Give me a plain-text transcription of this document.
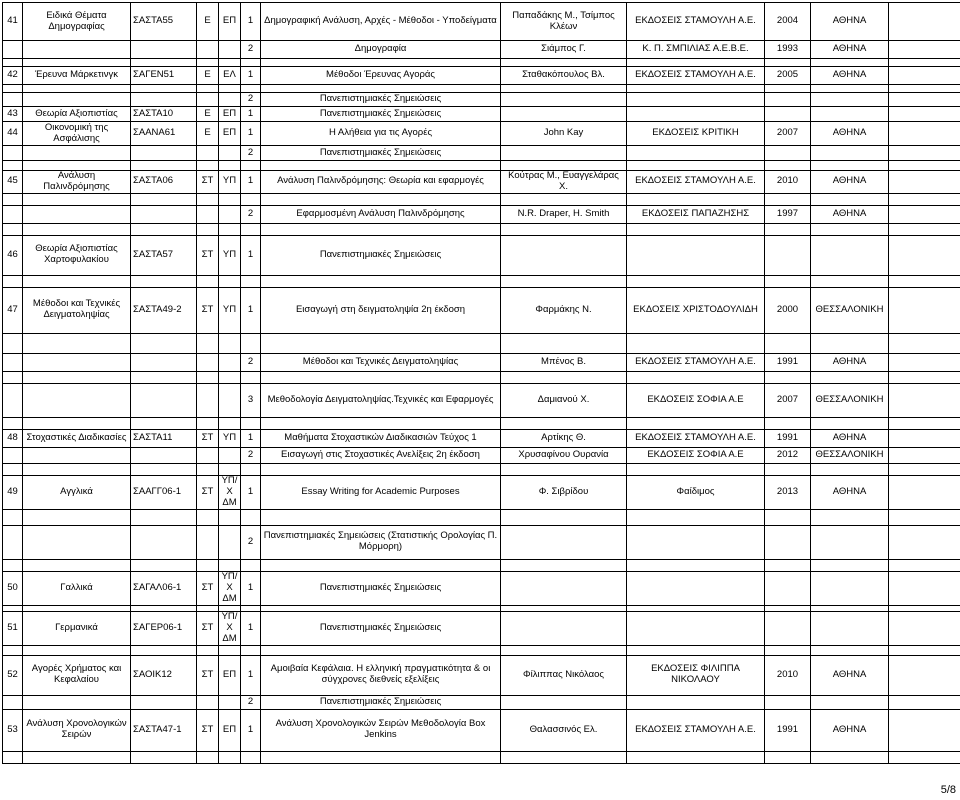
41	Ειδικά Θέματα Δημογραφίας	ΣΑΣΤΑ55	Ε	ΕΠ	1	Δημογραφική Ανάλυση, Αρχές - Μέθοδοι - Υποδείγματα	Παπαδάκης Μ., Τσίμπος Κλέων	ΕΚΔΟΣΕΙΣ ΣΤΑΜΟΥΛΗ Α.Ε.	2004	ΑΘΗΝΑ	
					2	Δημογραφία	Σιάμπος Γ.	Κ. Π. ΣΜΠΙΛΙΑΣ Α.Ε.Β.Ε.	1993	ΑΘΗΝΑ	

42	Έρευνα Μάρκετινγκ	ΣΑΓΕΝ51	Ε	ΕΛ	1	Μέθοδοι Έρευνας Αγοράς	Σταθακόπουλος Βλ.	ΕΚΔΟΣΕΙΣ ΣΤΑΜΟΥΛΗ Α.Ε.	2005	ΑΘΗΝΑ	

					2	Πανεπιστημιακές Σημειώσεις					
43	Θεωρία Αξιοπιστίας	ΣΑΣΤΑ10	Ε	ΕΠ	1	Πανεπιστημιακές Σημειώσεις					
44	Οικονομική της Ασφάλισης	ΣΑΑΝΑ61	Ε	ΕΠ	1	Η Αλήθεια για τις Αγορές	John Kay	ΕΚΔΟΣΕΙΣ ΚΡΙΤΙΚΗ	2007	ΑΘΗΝΑ	
					2	Πανεπιστημιακές Σημειώσεις					

45	Ανάλυση Παλινδρόμησης	ΣΑΣΤΑ06	ΣΤ	ΥΠ	1	Ανάλυση Παλινδρόμησης: Θεωρία και εφαρμογές	Κούτρας Μ., Ευαγγελάρας Χ.	ΕΚΔΟΣΕΙΣ ΣΤΑΜΟΥΛΗ Α.Ε.	2010	ΑΘΗΝΑ	

					2	Εφαρμοσμένη Ανάλυση Παλινδρόμησης	N.R. Draper, H. Smith	ΕΚΔΟΣΕΙΣ ΠΑΠΑΖΗΣΗΣ	1997	ΑΘΗΝΑ	

46	Θεωρία Αξιοπιστίας Χαρτοφυλακίου	ΣΑΣΤΑ57	ΣΤ	ΥΠ	1	Πανεπιστημιακές Σημειώσεις					

47	Μέθοδοι και Τεχνικές Δειγματοληψίας	ΣΑΣΤΑ49-2	ΣΤ	ΥΠ	1	Εισαγωγή στη δειγματοληψία 2η έκδοση	Φαρμάκης Ν.	ΕΚΔΟΣΕΙΣ ΧΡΙΣΤΟΔΟΥΛΙΔΗ	2000	ΘΕΣΣΑΛΟΝΙΚΗ	

					2	Μέθοδοι και Τεχνικές Δειγματοληψίας	Μπένος Β.	ΕΚΔΟΣΕΙΣ ΣΤΑΜΟΥΛΗ Α.Ε.	1991	ΑΘΗΝΑ	

					3	Μεθοδολογία Δειγματοληψίας.Τεχνικές και Εφαρμογές	Δαμιανού Χ.	ΕΚΔΟΣΕΙΣ ΣΟΦΙΑ Α.Ε	2007	ΘΕΣΣΑΛΟΝΙΚΗ	

48	Στοχαστικές Διαδικασίες	ΣΑΣΤΑ11	ΣΤ	ΥΠ	1	Μαθήματα Στοχαστικών Διαδικασιών Τεύχος 1	Αρτίκης Θ.	ΕΚΔΟΣΕΙΣ ΣΤΑΜΟΥΛΗ Α.Ε.	1991	ΑΘΗΝΑ	
					2	Εισαγωγή στις Στοχαστικές Ανελίξεις 2η έκδοση	Χρυσαφίνου Ουρανία	ΕΚΔΟΣΕΙΣ ΣΟΦΙΑ Α.Ε	2012	ΘΕΣΣΑΛΟΝΙΚΗ	

49	Αγγλικά	ΣΑΑΓΓ06-1	ΣΤ	ΥΠ/Χ ΔΜ	1	Essay Writing for Academic Purposes	Φ. Σιβρίδου	Φαίδιμος	2013	ΑΘΗΝΑ	

					2	Πανεπιστημιακές Σημειώσεις (Στατιστικής Ορολογίας Π. Μόρμορη)					

50	Γαλλικά	ΣΑΓΑΛ06-1	ΣΤ	ΥΠ/Χ ΔΜ	1	Πανεπιστημιακές Σημειώσεις					

51	Γερμανικά	ΣΑΓΕΡ06-1	ΣΤ	ΥΠ/Χ ΔΜ	1	Πανεπιστημιακές Σημειώσεις					

52	Αγορές Χρήματος και Κεφαλαίου	ΣΑΟΙΚ12	ΣΤ	ΕΠ	1	Αμοιβαία Κεφάλαια. Η ελληνική πραγματικότητα & οι σύγχρονες διεθνείς εξελίξεις	Φίλιππας Νικόλαος	ΕΚΔΟΣΕΙΣ ΦΙΛΙΠΠΑ ΝΙΚΟΛΑΟΥ	2010	ΑΘΗΝΑ	
					2	Πανεπιστημιακές Σημειώσεις					
53	Ανάλυση Χρονολογικών Σειρών	ΣΑΣΤΑ47-1	ΣΤ	ΕΠ	1	Ανάλυση Χρονολογικών Σειρών Μεθοδολογία Box Jenkins	Θαλασσινός Ελ.	ΕΚΔΟΣΕΙΣ ΣΤΑΜΟΥΛΗ Α.Ε.	1991	ΑΘΗΝΑ	

5/8
